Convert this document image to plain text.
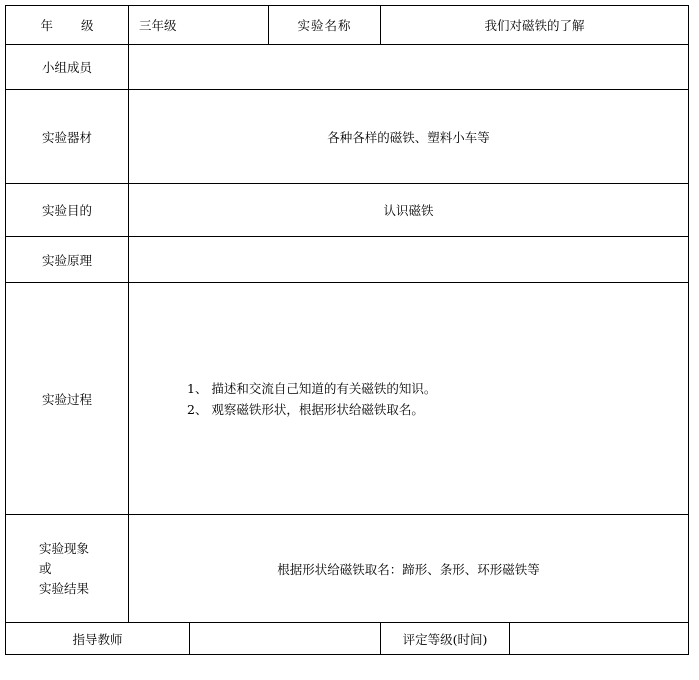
年 级	三年级		实验名称	我们对磁铁的了解	
小组成员					
实验器材	各种各样的磁铁、塑料小车等				
实验目的	认识磁铁				
实验原理					
实验过程	1、 描述和交流自己知道的有关磁铁的知识。
2、 观察磁铁形状，根据形状给磁铁取名。				

实验现象
或
实验结果	根据形状给磁铁取名：蹄形、条形、环形磁铁等				
指导教师				评定等级(时间)	
